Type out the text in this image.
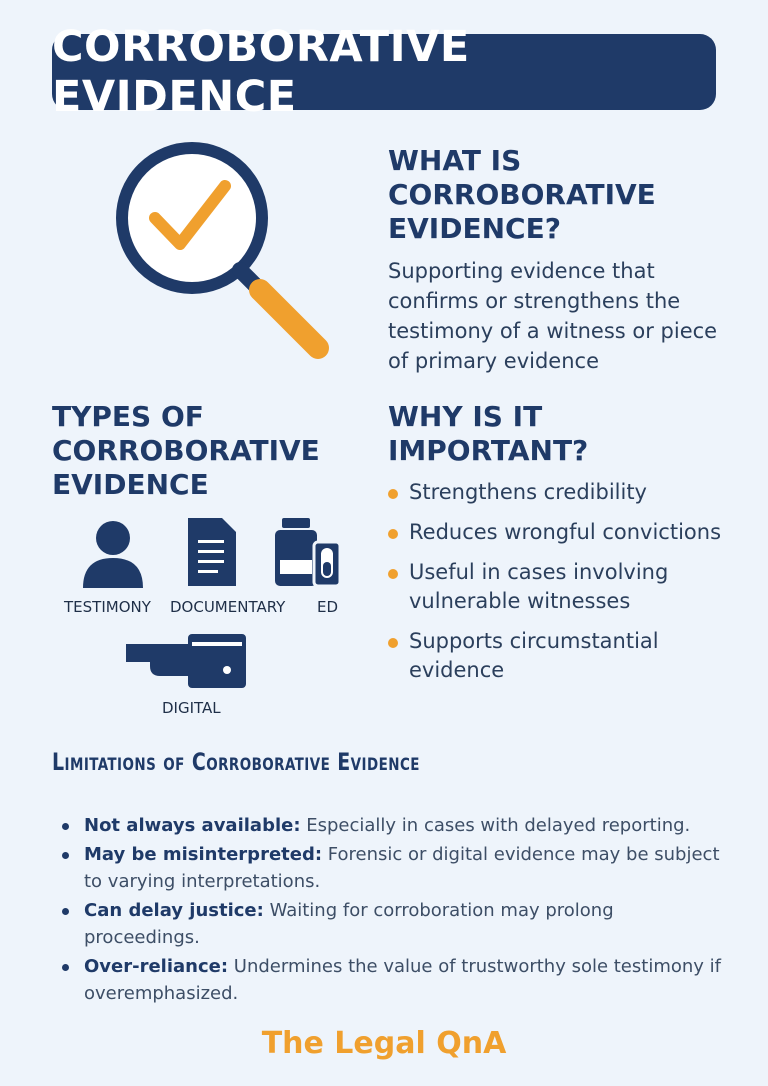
CORROBORATIVE EVIDENCE
WHAT IS CORROBORATIVE EVIDENCE?

Supporting evidence that confirms or strengthens the testimony of a witness or piece of primary evidence

TYPES OF CORROBORATIVE EVIDENCE
TESTIMONY DOCUMENTARY ED
DIGITAL
WHY IS IT IMPORTANT?
Strengthens credibility
Reduces wrongful convictions
Useful in cases involving vulnerable witnesses
Supports circumstantial evidence
Limitations of Corroborative Evidence
Not always available: Especially in cases with delayed reporting.
May be misinterpreted: Forensic or digital evidence may be subject to varying interpretations.
Can delay justice: Waiting for corroboration may prolong proceedings.
Over-reliance: Undermines the value of trustworthy sole testimony if overemphasized.

The Legal QnA
